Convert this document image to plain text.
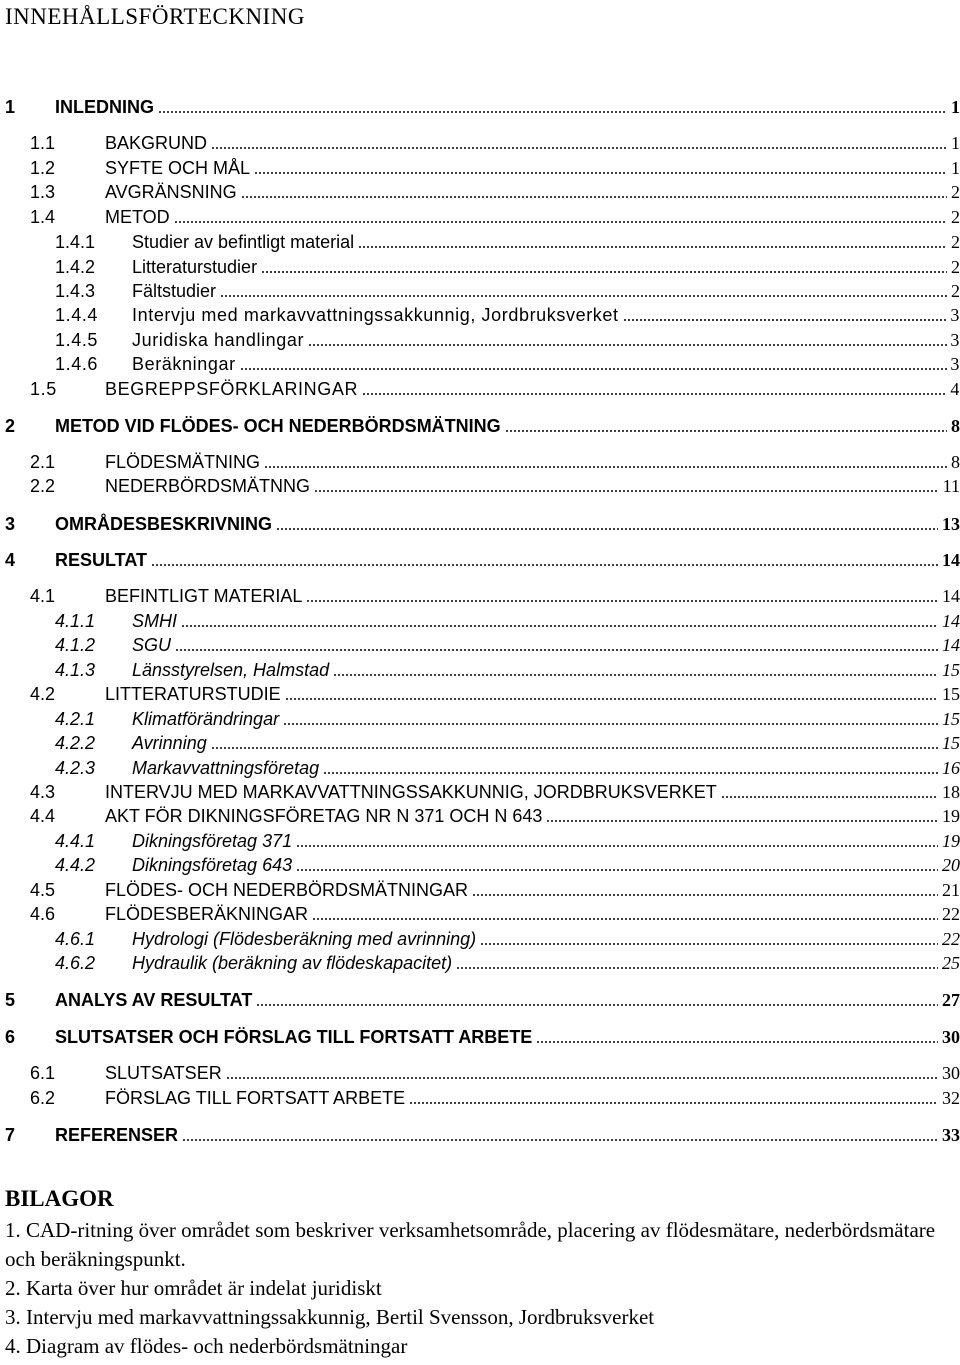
INNEHÅLLSFÖRTECKNING
1 INLEDNING	1
1.1	BAKGRUND	1
1.2	SYFTE OCH MÅL	1
1.3	AVGRÄNSNING	2
1.4	METOD	2
1.4.1 Studier av befintligt material	2
1.4.2 Litteraturstudier	2
1.4.3 Fältstudier	2
1.4.4 Intervju med markavvattningssakkunnig, Jordbruksverket	3
1.4.5 Juridiska handlingar	3
1.4.6 Beräkningar	3
1.5	BEGREPPSFÖRKLARINGAR	4
2 METOD VID FLÖDES- OCH NEDERBÖRDSMÄTNING	8
2.1	FLÖDESMÄTNING	8
2.2	NEDERBÖRDSMÄTNNG	11
3 OMRÅDESBESKRIVNING	13
4 RESULTAT	14
4.1	BEFINTLIGT MATERIAL	14
4.1.1 SMHI	14
4.1.2 SGU	14
4.1.3 Länsstyrelsen, Halmstad	15
4.2	LITTERATURSTUDIE	15
4.2.1 Klimatförändringar	15
4.2.2 Avrinning	15
4.2.3 Markavvattningsföretag	16
4.3	INTERVJU MED MARKAVVATTNINGSSAKKUNNIG, JORDBRUKSVERKET	18
4.4	AKT FÖR DIKNINGSFÖRETAG NR N 371 OCH N 643	19
4.4.1 Dikningsföretag 371	19
4.4.2 Dikningsföretag 643	20
4.5	FLÖDES- OCH NEDERBÖRDSMÄTNINGAR	21
4.6	FLÖDESBERÄKNINGAR	22
4.6.1 Hydrologi (Flödesberäkning med avrinning)	22
4.6.2 Hydraulik (beräkning av flödeskapacitet)	25
5 ANALYS AV RESULTAT	27
6 SLUTSATSER OCH FÖRSLAG TILL FORTSATT ARBETE	30
6.1	SLUTSATSER	30
6.2	FÖRSLAG TILL FORTSATT ARBETE	32
7 REFERENSER	33
BILAGOR
1. CAD-ritning över området som beskriver verksamhetsområde, placering av flödesmätare, nederbördsmätare och beräkningspunkt.
2. Karta över hur området är indelat juridiskt
3. Intervju med markavvattningssakkunnig, Bertil Svensson, Jordbruksverket
4. Diagram av flödes- och nederbördsmätningar
